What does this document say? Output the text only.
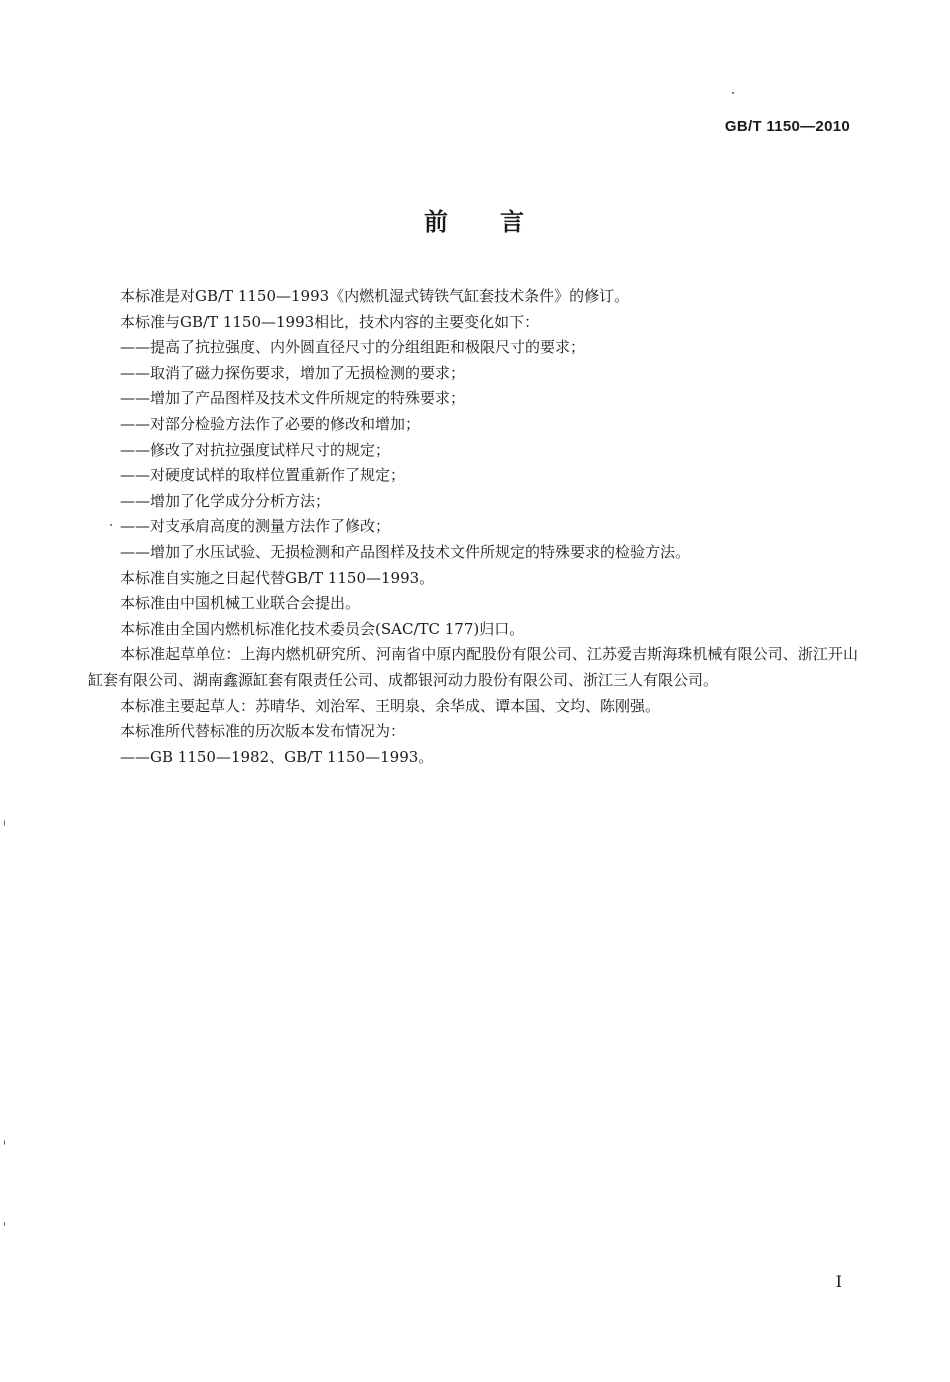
GB/T 1150—2010
前 言

本标准是对GB/T 1150—1993《内燃机湿式铸铁气缸套技术条件》的修订。

本标准与GB/T 1150—1993相比，技术内容的主要变化如下：

——提高了抗拉强度、内外圆直径尺寸的分组组距和极限尺寸的要求；

——取消了磁力探伤要求，增加了无损检测的要求；

——增加了产品图样及技术文件所规定的特殊要求；

——对部分检验方法作了必要的修改和增加；

——修改了对抗拉强度试样尺寸的规定；

——对硬度试样的取样位置重新作了规定；

——增加了化学成分分析方法；

——对支承肩高度的测量方法作了修改；

——增加了水压试验、无损检测和产品图样及技术文件所规定的特殊要求的检验方法。

本标准自实施之日起代替GB/T 1150—1993。

本标准由中国机械工业联合会提出。

本标准由全国内燃机标准化技术委员会(SAC/TC 177)归口。

本标准起草单位：上海内燃机研究所、河南省中原内配股份有限公司、江苏爱吉斯海珠机械有限公司、浙江开山缸套有限公司、湖南鑫源缸套有限责任公司、成都银河动力股份有限公司、浙江三人有限公司。

本标准主要起草人：苏晴华、刘治军、王明泉、余华成、谭本国、文均、陈刚强。

本标准所代替标准的历次版本发布情况为：

——GB 1150—1982、GB/T 1150—1993。

I
